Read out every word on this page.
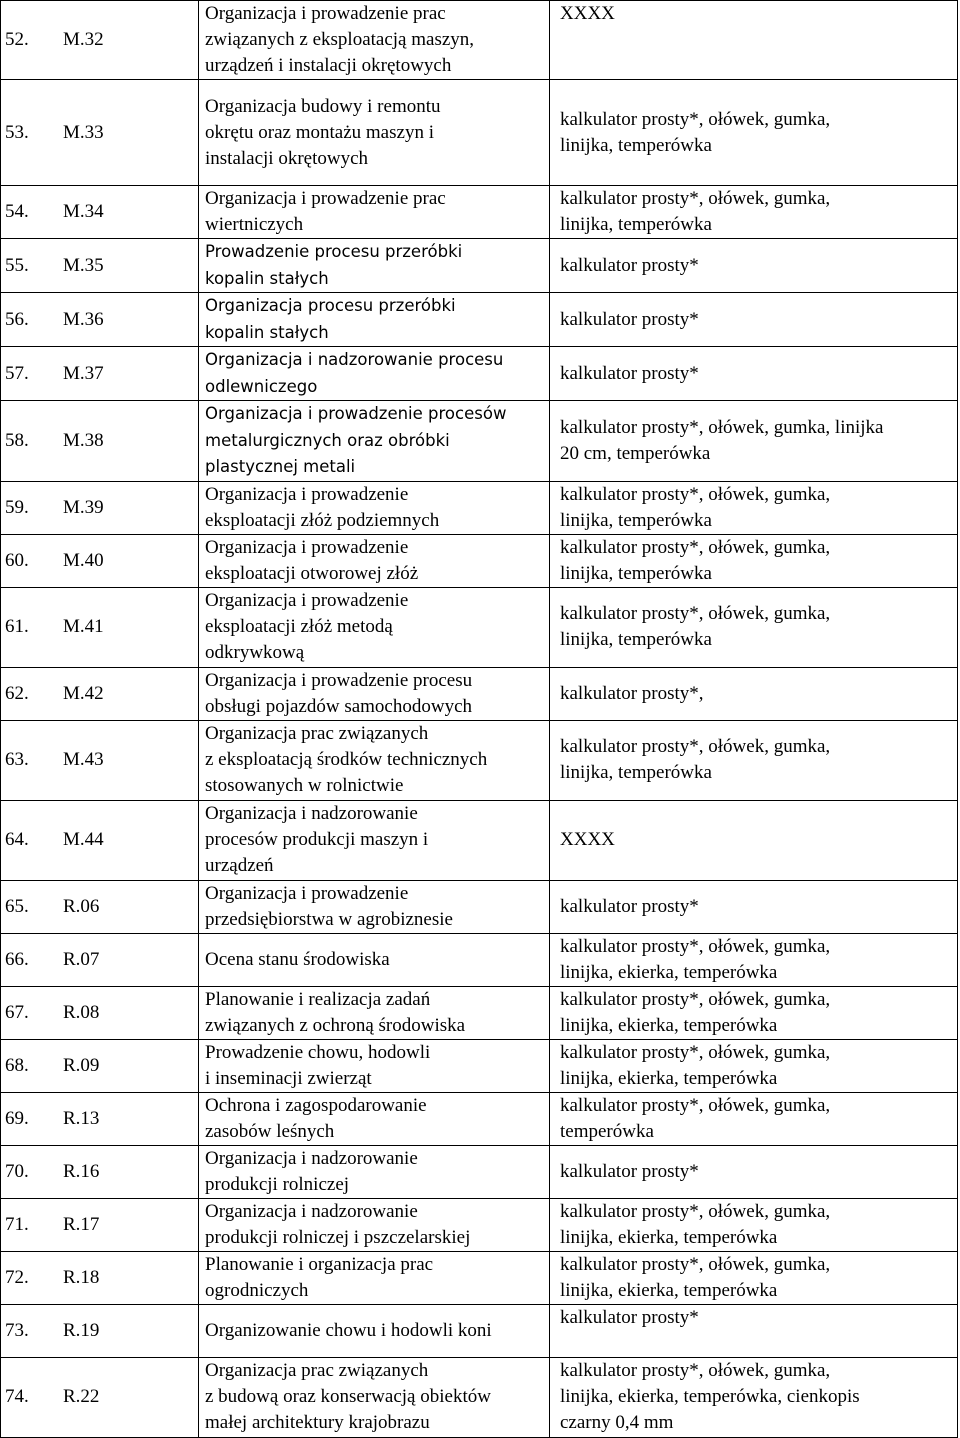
52. M.32	Organizacja i prowadzenie prac
związanych z eksploatacją maszyn,
urządzeń i instalacji okrętowych	XXXX

53. M.33	Organizacja budowy i remontu
okrętu oraz montażu maszyn i
instalacji okrętowych	kalkulator prosty*, ołówek, gumka,
linijka, temperówka

54. M.34	Organizacja i prowadzenie prac
wiertniczych	kalkulator prosty*, ołówek, gumka,
linijka, temperówka

55. M.35	Prowadzenie procesu przeróbki
kopalin stałych	kalkulator prosty*

56. M.36	Organizacja procesu przeróbki
kopalin stałych	kalkulator prosty*

57. M.37	Organizacja i nadzorowanie procesu
odlewniczego	kalkulator prosty*

58. M.38	Organizacja i prowadzenie procesów
metalurgicznych oraz obróbki
plastycznej metali	kalkulator prosty*, ołówek, gumka, linijka
20 cm, temperówka

59. M.39	Organizacja i prowadzenie
eksploatacji złóż podziemnych	kalkulator prosty*, ołówek, gumka,
linijka, temperówka

60. M.40	Organizacja i prowadzenie
eksploatacji otworowej złóż	kalkulator prosty*, ołówek, gumka,
linijka, temperówka

61. M.41	Organizacja i prowadzenie
eksploatacji złóż metodą
odkrywkową	kalkulator prosty*, ołówek, gumka,
linijka, temperówka

62. M.42	Organizacja i prowadzenie procesu
obsługi pojazdów samochodowych	kalkulator prosty*,

63. M.43	Organizacja prac związanych
z eksploatacją środków technicznych
stosowanych w rolnictwie	kalkulator prosty*, ołówek, gumka,
linijka, temperówka

64. M.44	Organizacja i nadzorowanie
procesów produkcji maszyn i
urządzeń	XXXX

65. R.06	Organizacja i prowadzenie
przedsiębiorstwa w agrobiznesie	kalkulator prosty*

66. R.07	Ocena stanu środowiska	kalkulator prosty*, ołówek, gumka,
linijka, ekierka, temperówka

67. R.08	Planowanie i realizacja zadań
związanych z ochroną środowiska	kalkulator prosty*, ołówek, gumka,
linijka, ekierka, temperówka

68. R.09	Prowadzenie chowu, hodowli
i inseminacji zwierząt	kalkulator prosty*, ołówek, gumka,
linijka, ekierka, temperówka

69. R.13	Ochrona i zagospodarowanie
zasobów leśnych	kalkulator prosty*, ołówek, gumka,
temperówka

70. R.16	Organizacja i nadzorowanie
produkcji rolniczej	kalkulator prosty*

71. R.17	Organizacja i nadzorowanie
produkcji rolniczej i pszczelarskiej	kalkulator prosty*, ołówek, gumka,
linijka, ekierka, temperówka

72. R.18	Planowanie i organizacja prac
ogrodniczych	kalkulator prosty*, ołówek, gumka,
linijka, ekierka, temperówka

73. R.19	Organizowanie chowu i hodowli koni	kalkulator prosty*

74. R.22	Organizacja prac związanych
z budową oraz konserwacją obiektów
małej architektury krajobrazu	kalkulator prosty*, ołówek, gumka,
linijka, ekierka, temperówka, cienkopis
czarny 0,4 mm
